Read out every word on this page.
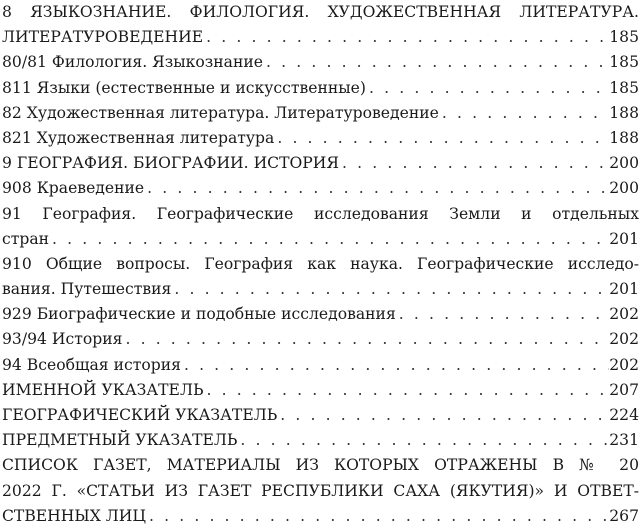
8 ЯЗЫКОЗНАНИЕ. ФИЛОЛОГИЯ. ХУДОЖЕСТВЕННАЯ ЛИТЕРАТУРА.
ЛИТЕРАТУРОВЕДЕНИЕ . . .	185
80/81 Филология. Языкознание . . .	185
811 Языки (естественные и искусственные) . . .	185
82 Художественная литература. Литературоведение . . .	188
821 Художественная литература . . .	188
9 ГЕОГРАФИЯ. БИОГРАФИИ. ИСТОРИЯ . . .	200
908 Краеведение . . .	200
91 География. Географические исследования Земли и отдельных
стран . . .	201
910 Общие вопросы. География как наука. Географические исследо-
вания. Путешествия . . .	201
929 Биографические и подобные исследования . . .	202
93/94 История . . .	202
94 Всеобщая история . . .	202
ИМЕННОЙ УКАЗАТЕЛЬ . . .	207
ГЕОГРАФИЧЕСКИЙ УКАЗАТЕЛЬ . . .	224
ПРЕДМЕТНЫЙ УКАЗАТЕЛЬ . . .	231
СПИСОК ГАЗЕТ, МАТЕРИАЛЫ ИЗ КОТОРЫХ ОТРАЖЕНЫ В № 20
2022 Г. «СТАТЬИ ИЗ ГАЗЕТ РЕСПУБЛИКИ САХА (ЯКУТИЯ)» И ОТВЕТ-
СТВЕННЫХ ЛИЦ . . .	267
